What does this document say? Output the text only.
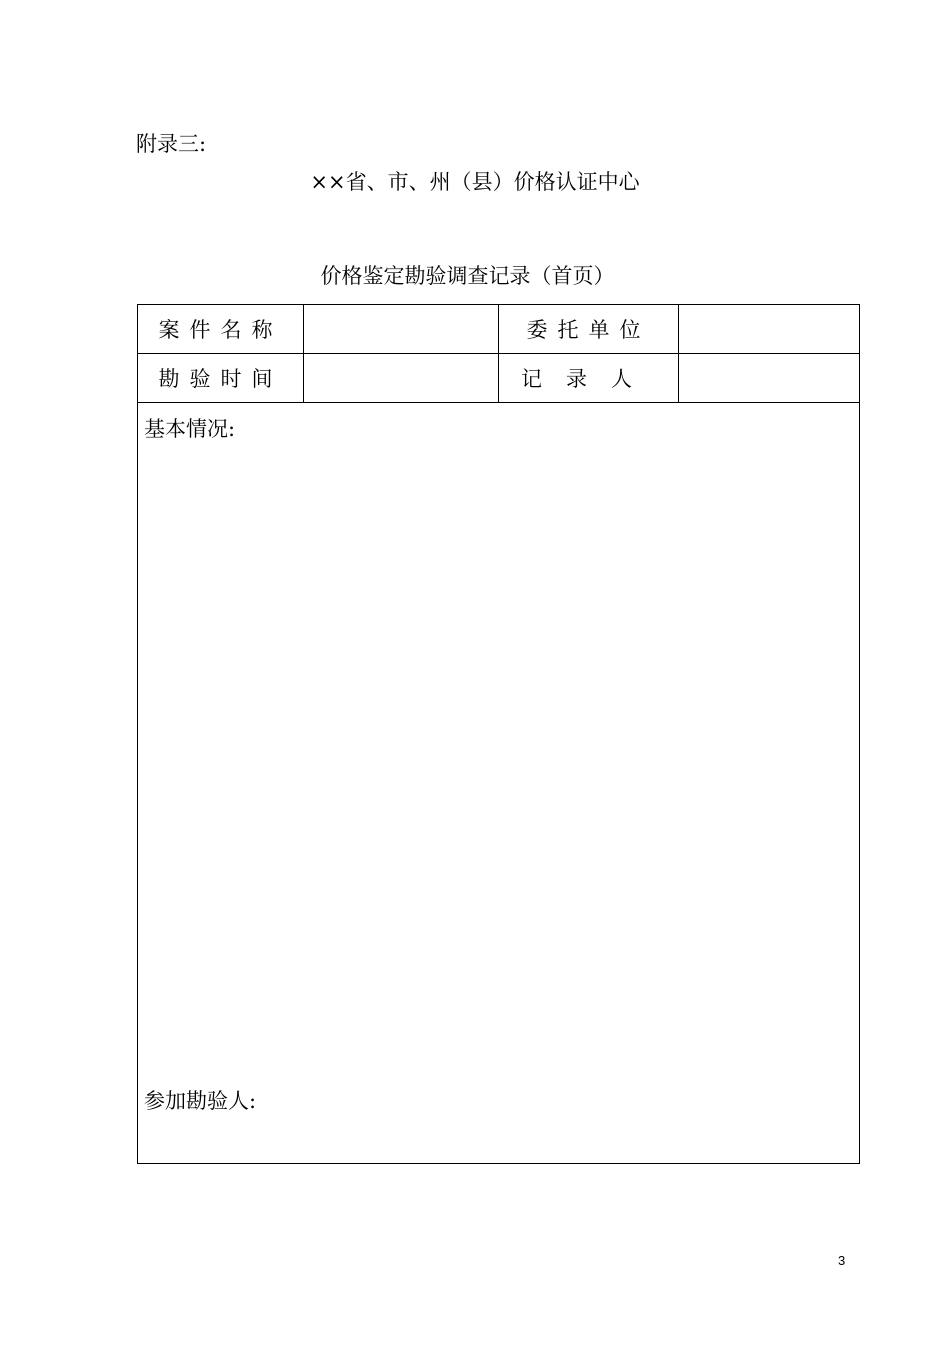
附录三:
××省、市、州（县）价格认证中心
价格鉴定勘验调查记录（首页）
案件名称		委托单位	
勘验时间		记录人	

基本情况:
参加勘验人:			
3
